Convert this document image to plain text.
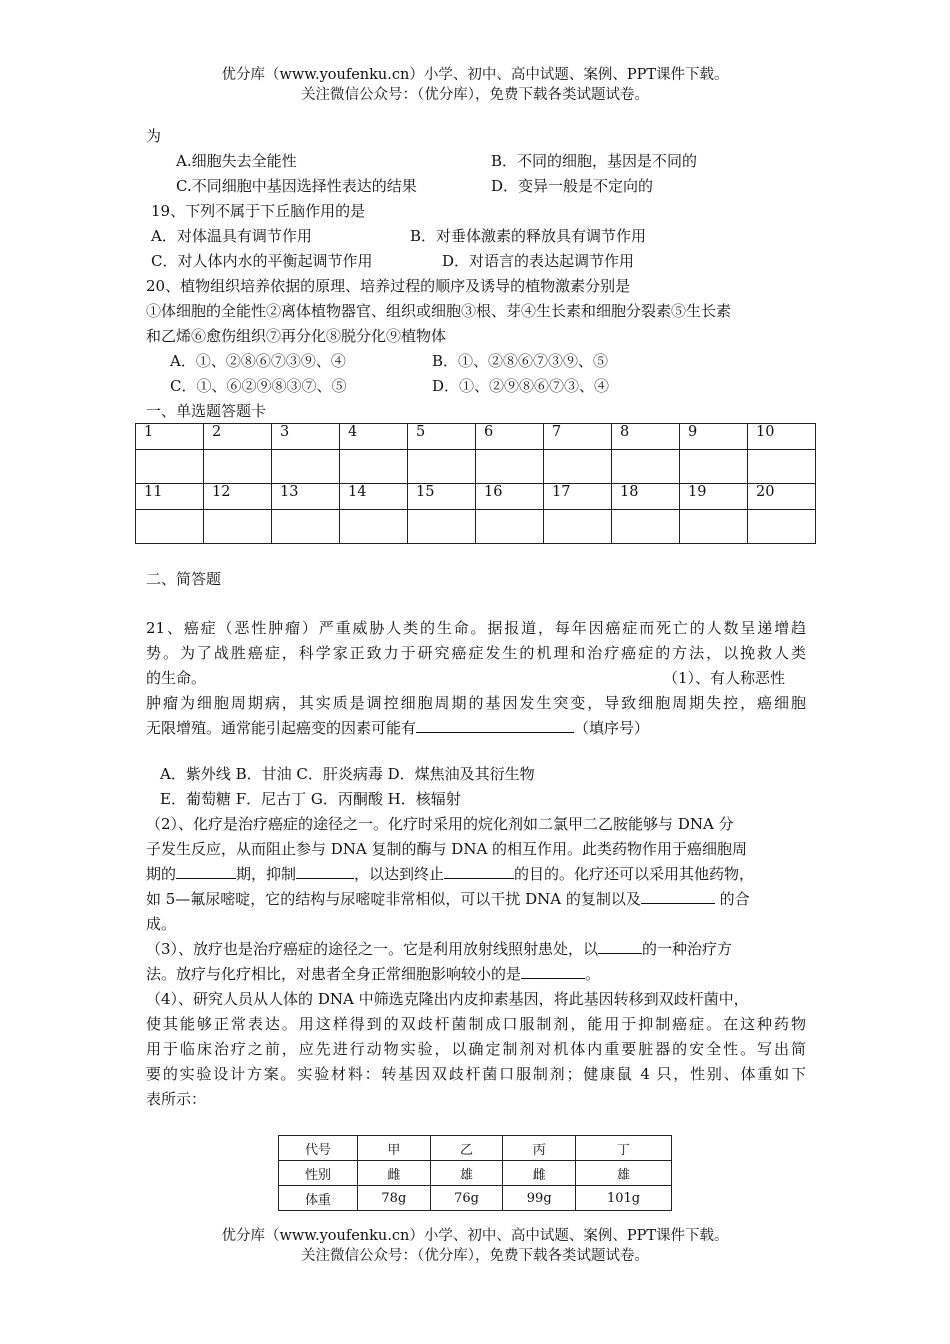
优分库（www.youfenku.cn）小学、初中、高中试题、案例、PPT课件下载。
关注微信公众号：（优分库），免费下载各类试题试卷。
为
A.细胞失去全能性	B．不同的细胞，基因是不同的
C.不同细胞中基因选择性表达的结果	D．变异一般是不定向的
19、下列不属于下丘脑作用的是
A．对体温具有调节作用	B．对垂体激素的释放具有调节作用
C．对人体内水的平衡起调节作用	D．对语言的表达起调节作用
20、植物组织培养依据的原理、培养过程的顺序及诱导的植物激素分别是
①体细胞的全能性②离体植物器官、组织或细胞③根、芽④生长素和细胞分裂素⑤生长素
和乙烯⑥愈伤组织⑦再分化⑧脱分化⑨植物体
A．①、②⑧⑥⑦③⑨、④	B．①、②⑧⑥⑦③⑨、⑤
C．①、⑥②⑨⑧③⑦、⑤	D．①、②⑨⑧⑥⑦③、④
一、单选题答题卡
1	2	3	4	5	6	7	8	9	10

11	12	13	14	15	16	17	18	19	20

二、简答题
21、癌症（恶性肿瘤）严重威胁人类的生命。据报道，每年因癌症而死亡的人数呈递增趋
势。为了战胜癌症，科学家正致力于研究癌症发生的机理和治疗癌症的方法，以挽救人类
的生命。	（1）、有人称恶性
肿瘤为细胞周期病，其实质是调控细胞周期的基因发生突变，导致细胞周期失控，癌细胞
无限增殖。通常能引起癌变的因素可能有	（填序号）
A．紫外线 B．甘油 C．肝炎病毒 D．煤焦油及其衍生物
E．葡萄糖 F．尼古丁 G．丙酮酸 H．核辐射
（2）、化疗是治疗癌症的途径之一。化疗时采用的烷化剂如二氯甲二乙胺能够与 DNA 分
子发生反应，从而阻止参与 DNA 复制的酶与 DNA 的相互作用。此类药物作用于癌细胞周
期的	期，抑制	，以达到终止	的目的。化疗还可以采用其他药物，
如 5—氟尿嘧啶，它的结构与尿嘧啶非常相似，可以干扰 DNA 的复制以及	的合
成。
（3）、放疗也是治疗癌症的途径之一。它是利用放射线照射患处，以	的一种治疗方
法。放疗与化疗相比，对患者全身正常细胞影响较小的是	。
（4）、研究人员从人体的 DNA 中筛选克隆出内皮抑素基因，将此基因转移到双歧杆菌中，
使其能够正常表达。用这样得到的双歧杆菌制成口服制剂，能用于抑制癌症。在这种药物
用于临床治疗之前，应先进行动物实验，以确定制剂对机体内重要脏器的安全性。写出简
要的实验设计方案。实验材料：转基因双歧杆菌口服制剂；健康鼠 4 只，性别、体重如下
表所示：
代号	甲	乙	丙	丁
性别	雌	雄	雌	雄
体重	78g	76g	99g	101g
优分库（www.youfenku.cn）小学、初中、高中试题、案例、PPT课件下载。
关注微信公众号：（优分库），免费下载各类试题试卷。
